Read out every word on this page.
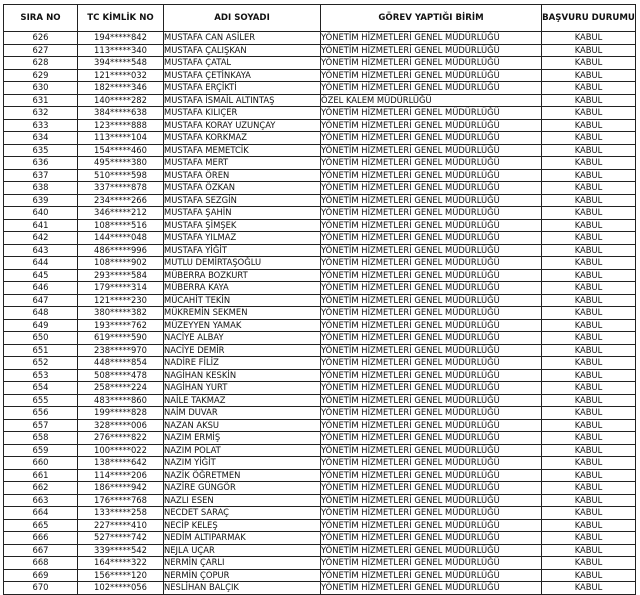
SIRA NO	TC KİMLİK NO	ADI SOYADI	GÖREV YAPTIĞI BİRİM	BAŞVURU DURUMU
626	194*****842	MUSTAFA CAN ASİLER	YÖNETİM HİZMETLERİ GENEL MÜDÜRLÜĞÜ	KABUL
627	113*****340	MUSTAFA ÇALIŞKAN	YÖNETİM HİZMETLERİ GENEL MÜDÜRLÜĞÜ	KABUL
628	394*****548	MUSTAFA ÇATAL	YÖNETİM HİZMETLERİ GENEL MÜDÜRLÜĞÜ	KABUL
629	121*****032	MUSTAFA ÇETİNKAYA	YÖNETİM HİZMETLERİ GENEL MÜDÜRLÜĞÜ	KABUL
630	182*****346	MUSTAFA ERÇİKTİ	YÖNETİM HİZMETLERİ GENEL MÜDÜRLÜĞÜ	KABUL
631	140*****282	MUSTAFA İSMAİL ALTINTAŞ	ÖZEL KALEM MÜDÜRLÜĞÜ	KABUL
632	384*****638	MUSTAFA KILIÇER	YÖNETİM HİZMETLERİ GENEL MÜDÜRLÜĞÜ	KABUL
633	123*****888	MUSTAFA KORAY UZUNÇAY	YÖNETİM HİZMETLERİ GENEL MÜDÜRLÜĞÜ	KABUL
634	113*****104	MUSTAFA KORKMAZ	YÖNETİM HİZMETLERİ GENEL MÜDÜRLÜĞÜ	KABUL
635	154*****460	MUSTAFA MEMETCİK	YÖNETİM HİZMETLERİ GENEL MÜDÜRLÜĞÜ	KABUL
636	495*****380	MUSTAFA MERT	YÖNETİM HİZMETLERİ GENEL MÜDÜRLÜĞÜ	KABUL
637	510*****598	MUSTAFA ÖREN	YÖNETİM HİZMETLERİ GENEL MÜDÜRLÜĞÜ	KABUL
638	337*****878	MUSTAFA ÖZKAN	YÖNETİM HİZMETLERİ GENEL MÜDÜRLÜĞÜ	KABUL
639	234*****266	MUSTAFA SEZGİN	YÖNETİM HİZMETLERİ GENEL MÜDÜRLÜĞÜ	KABUL
640	346*****212	MUSTAFA ŞAHİN	YÖNETİM HİZMETLERİ GENEL MÜDÜRLÜĞÜ	KABUL
641	108*****516	MUSTAFA ŞİMŞEK	YÖNETİM HİZMETLERİ GENEL MÜDÜRLÜĞÜ	KABUL
642	144*****048	MUSTAFA YILMAZ	YÖNETİM HİZMETLERİ GENEL MÜDÜRLÜĞÜ	KABUL
643	486*****996	MUSTAFA YİĞİT	YÖNETİM HİZMETLERİ GENEL MÜDÜRLÜĞÜ	KABUL
644	108*****902	MUTLU DEMİRTAŞOĞLU	YÖNETİM HİZMETLERİ GENEL MÜDÜRLÜĞÜ	KABUL
645	293*****584	MÜBERRA BOZKURT	YÖNETİM HİZMETLERİ GENEL MÜDÜRLÜĞÜ	KABUL
646	179*****314	MÜBERRA KAYA	YÖNETİM HİZMETLERİ GENEL MÜDÜRLÜĞÜ	KABUL
647	121*****230	MÜCAHİT TEKİN	YÖNETİM HİZMETLERİ GENEL MÜDÜRLÜĞÜ	KABUL
648	380*****382	MÜKREMİN SEKMEN	YÖNETİM HİZMETLERİ GENEL MÜDÜRLÜĞÜ	KABUL
649	193*****762	MÜZEYYEN YAMAK	YÖNETİM HİZMETLERİ GENEL MÜDÜRLÜĞÜ	KABUL
650	619*****590	NACİYE ALBAY	YÖNETİM HİZMETLERİ GENEL MÜDÜRLÜĞÜ	KABUL
651	238*****970	NACİYE DEMİR	YÖNETİM HİZMETLERİ GENEL MÜDÜRLÜĞÜ	KABUL
652	448*****854	NADİRE FİLİZ	YÖNETİM HİZMETLERİ GENEL MÜDÜRLÜĞÜ	KABUL
653	508*****478	NAGİHAN KESKİN	YÖNETİM HİZMETLERİ GENEL MÜDÜRLÜĞÜ	KABUL
654	258*****224	NAGİHAN YURT	YÖNETİM HİZMETLERİ GENEL MÜDÜRLÜĞÜ	KABUL
655	483*****860	NAİLE TAKMAZ	YÖNETİM HİZMETLERİ GENEL MÜDÜRLÜĞÜ	KABUL
656	199*****828	NAİM DUVAR	YÖNETİM HİZMETLERİ GENEL MÜDÜRLÜĞÜ	KABUL
657	328*****006	NAZAN AKSU	YÖNETİM HİZMETLERİ GENEL MÜDÜRLÜĞÜ	KABUL
658	276*****822	NAZIM ERMİŞ	YÖNETİM HİZMETLERİ GENEL MÜDÜRLÜĞÜ	KABUL
659	100*****022	NAZIM POLAT	YÖNETİM HİZMETLERİ GENEL MÜDÜRLÜĞÜ	KABUL
660	138*****642	NAZIM YİĞİT	YÖNETİM HİZMETLERİ GENEL MÜDÜRLÜĞÜ	KABUL
661	114*****206	NAZİK ÖĞRETMEN	YÖNETİM HİZMETLERİ GENEL MÜDÜRLÜĞÜ	KABUL
662	186*****942	NAZİRE GÜNGÖR	YÖNETİM HİZMETLERİ GENEL MÜDÜRLÜĞÜ	KABUL
663	176*****768	NAZLI ESEN	YÖNETİM HİZMETLERİ GENEL MÜDÜRLÜĞÜ	KABUL
664	133*****258	NECDET SARAÇ	YÖNETİM HİZMETLERİ GENEL MÜDÜRLÜĞÜ	KABUL
665	227*****410	NECİP KELEŞ	YÖNETİM HİZMETLERİ GENEL MÜDÜRLÜĞÜ	KABUL
666	527*****742	NEDİM ALTIPARMAK	YÖNETİM HİZMETLERİ GENEL MÜDÜRLÜĞÜ	KABUL
667	339*****542	NEJLA UÇAR	YÖNETİM HİZMETLERİ GENEL MÜDÜRLÜĞÜ	KABUL
668	164*****322	NERMİN ÇARLI	YÖNETİM HİZMETLERİ GENEL MÜDÜRLÜĞÜ	KABUL
669	156*****120	NERMİN ÇOPUR	YÖNETİM HİZMETLERİ GENEL MÜDÜRLÜĞÜ	KABUL
670	102*****056	NESLİHAN BALÇIK	YÖNETİM HİZMETLERİ GENEL MÜDÜRLÜĞÜ	KABUL
